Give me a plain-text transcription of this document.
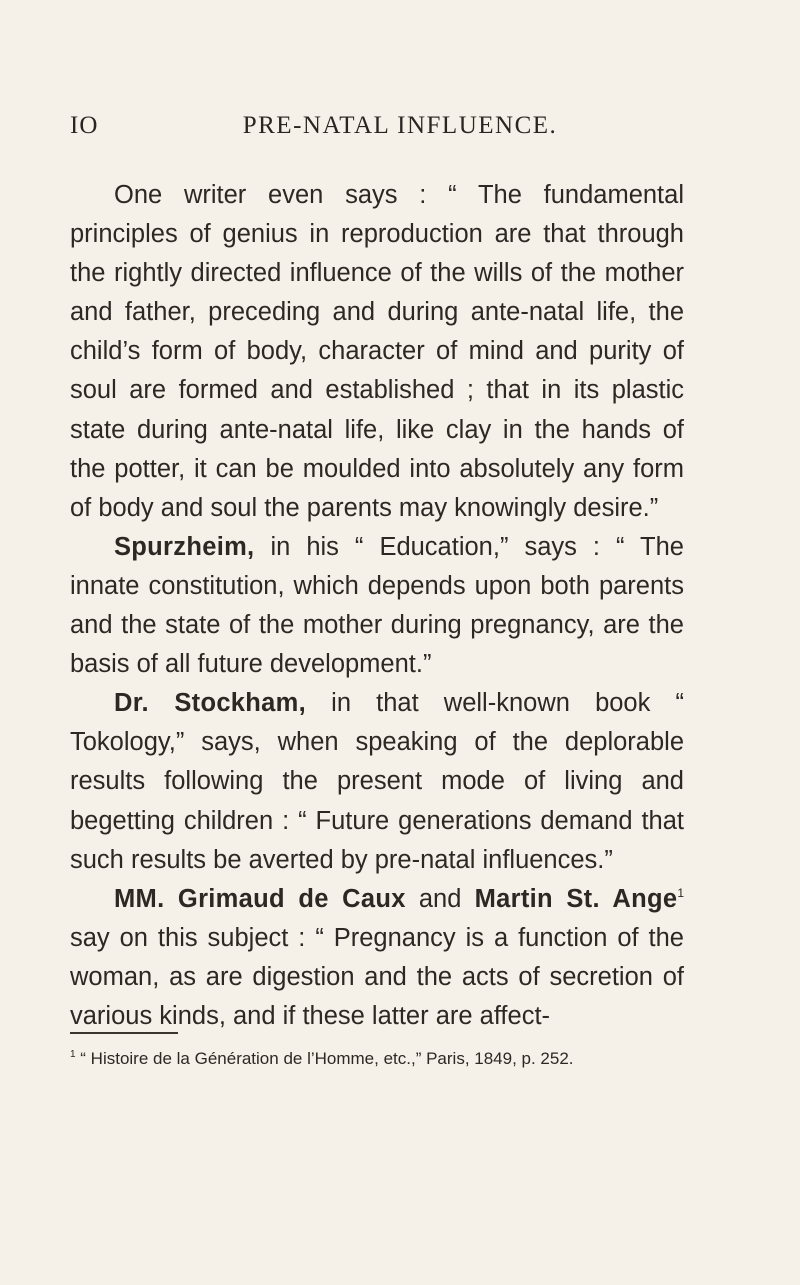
IO	PRE-NATAL INFLUENCE.

One writer even says : “ The fundamental principles of genius in reproduction are that through the rightly directed influence of the wills of the mother and father, preceding and during ante-natal life, the child’s form of body, character of mind and purity of soul are formed and established ; that in its plastic state during ante-natal life, like clay in the hands of the potter, it can be moulded into absolutely any form of body and soul the parents may knowingly desire.”

Spurzheim, in his “ Education,” says : “ The innate constitution, which depends upon both parents and the state of the mother during pregnancy, are the basis of all future development.”

Dr. Stockham, in that well-known book “ Tokology,” says, when speaking of the deplorable results following the present mode of living and begetting children : “ Future generations demand that such results be averted by pre-natal influences.”

MM. Grimaud de Caux and Martin St. Ange$^1$ say on this subject : “ Pregnancy is a function of the woman, as are digestion and the acts of secretion of various kinds, and if these latter are affect-

$^1$ “ Histoire de la Génération de l’Homme, etc.,” Paris, 1849, p. 252.
